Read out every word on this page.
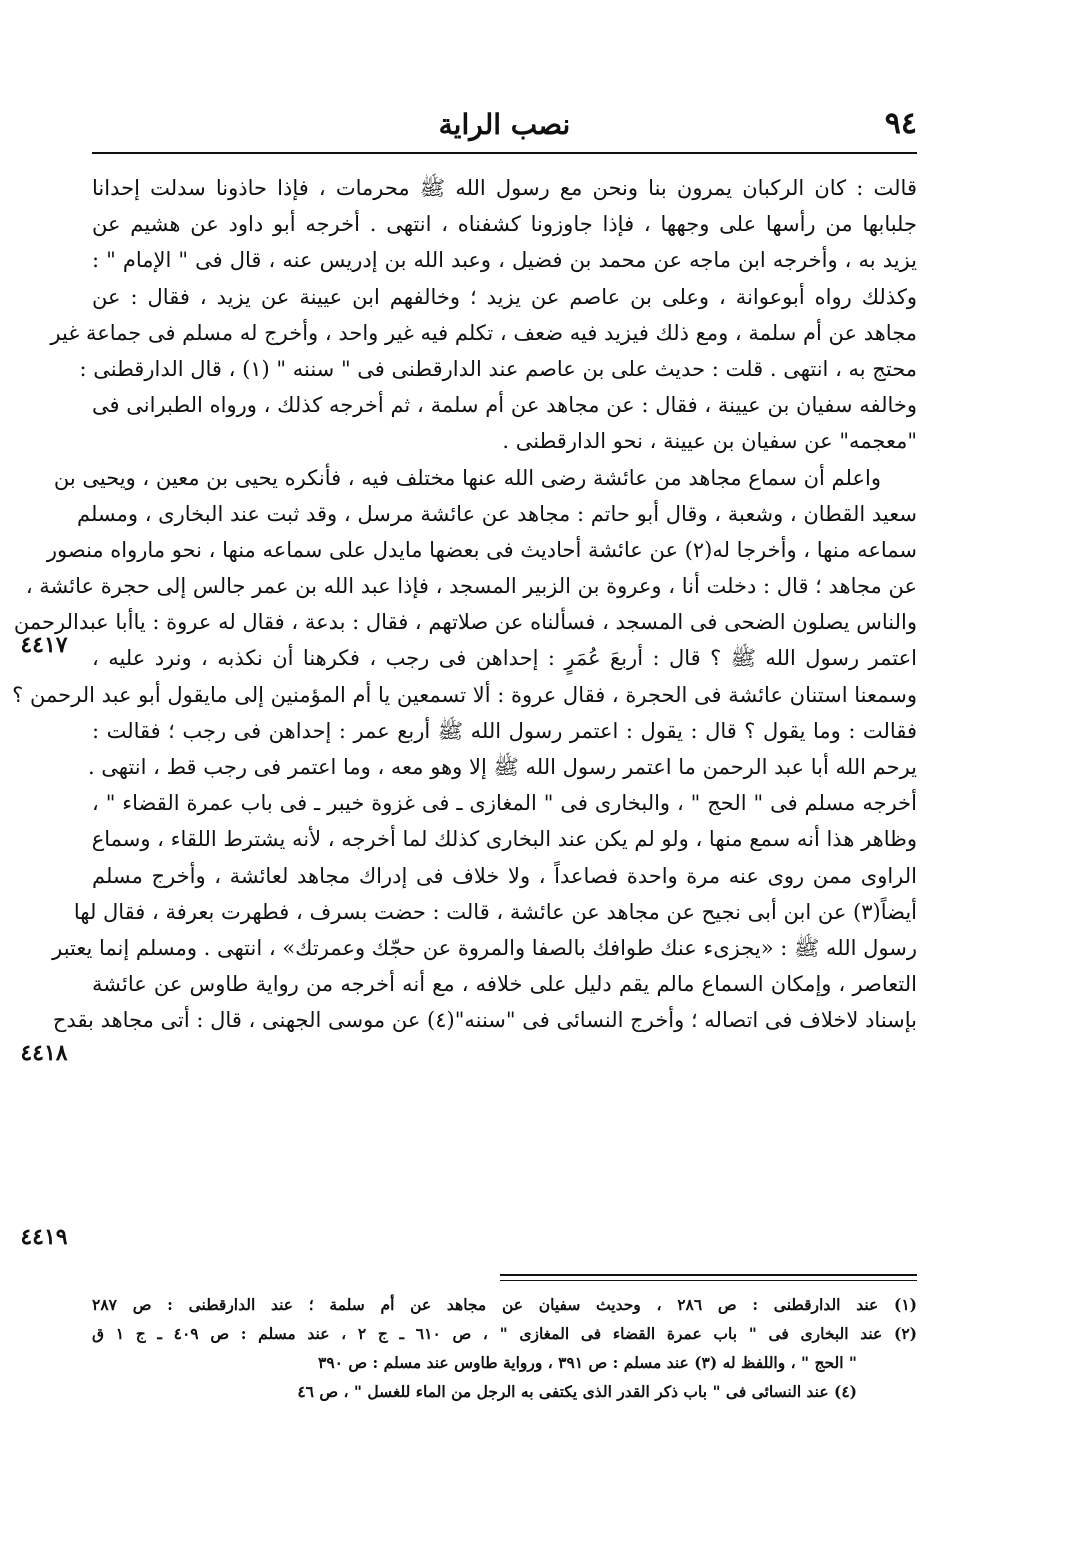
٩٤
نصب الراية
قالت : كان الركبان يمرون بنا ونحن مع رسول الله ﷺ محرمات ، فإذا حاذونا سدلت إحدانا
جلبابها من رأسها على وجهها ، فإذا جاوزونا كشفناه ، انتهى . أخرجه أبو داود عن هشيم عن
يزيد به ، وأخرجه ابن ماجه عن محمد بن فضيل ، وعبد الله بن إدريس عنه ، قال فى " الإمام " :
وكذلك رواه أبوعوانة ، وعلى بن عاصم عن يزيد ؛ وخالفهم ابن عيينة عن يزيد ، فقال : عن
مجاهد عن أم سلمة ، ومع ذلك فيزيد فيه ضعف ، تكلم فيه غير واحد ، وأخرج له مسلم فى جماعة غير
محتج به ، انتهى . قلت : حديث على بن عاصم عند الدارقطنى فى " سننه " (١) ، قال الدارقطنى :
وخالفه سفيان بن عيينة ، فقال : عن مجاهد عن أم سلمة ، ثم أخرجه كذلك ، ورواه الطبرانى فى
"معجمه" عن سفيان بن عيينة ، نحو الدارقطنى .
واعلم أن سماع مجاهد من عائشة رضى الله عنها مختلف فيه ، فأنكره يحيى بن معين ، ويحيى بن
سعيد القطان ، وشعبة ، وقال أبو حاتم : مجاهد عن عائشة مرسل ، وقد ثبت عند البخارى ، ومسلم
سماعه منها ، وأخرجا له(٢) عن عائشة أحاديث فى بعضها مايدل على سماعه منها ، نحو مارواه منصور
عن مجاهد ؛ قال : دخلت أنا ، وعروة بن الزبير المسجد ، فإذا عبد الله بن عمر جالس إلى حجرة عائشة ،
والناس يصلون الضحى فى المسجد ، فسألناه عن صلاتهم ، فقال : بدعة ، فقال له عروة : ياأبا عبدالرحمن
اعتمر رسول الله ﷺ ؟ قال : أربعَ عُمَرٍ : إحداهن فى رجب ، فكرهنا أن نكذبه ، ونرد عليه ،
وسمعنا استنان عائشة فى الحجرة ، فقال عروة : ألا تسمعين يا أم المؤمنين إلى مايقول أبو عبد الرحمن ؟
فقالت : وما يقول ؟ قال : يقول : اعتمر رسول الله ﷺ أربع عمر : إحداهن فى رجب ؛ فقالت :
يرحم الله أبا عبد الرحمن ما اعتمر رسول الله ﷺ إلا وهو معه ، وما اعتمر فى رجب قط ، انتهى .
أخرجه مسلم فى " الحج " ، والبخارى فى " المغازى ـ فى غزوة خيبر ـ فى باب عمرة القضاء " ،
وظاهر هذا أنه سمع منها ، ولو لم يكن عند البخارى كذلك لما أخرجه ، لأنه يشترط اللقاء ، وسماع
الراوى ممن روى عنه مرة واحدة فصاعداً ، ولا خلاف فى إدراك مجاهد لعائشة ، وأخرج مسلم
أيضاً(٣) عن ابن أبى نجيح عن مجاهد عن عائشة ، قالت : حضت بسرف ، فطهرت بعرفة ، فقال لها
رسول الله ﷺ : «يجزىء عنك طوافك بالصفا والمروة عن حجّك وعمرتك» ، انتهى . ومسلم إنما يعتبر
التعاصر ، وإمكان السماع مالم يقم دليل على خلافه ، مع أنه أخرجه من رواية طاوس عن عائشة
بإسناد لاخلاف فى اتصاله ؛ وأخرج النسائى فى "سننه"(٤) عن موسى الجهنى ، قال : أتى مجاهد بقدح
٤٤١٧
٤٤١٨
٤٤١٩
(١) عند الدارقطنى : ص ٢٨٦ ، وحديث سفيان عن مجاهد عن أم سلمة ؛ عند الدارقطنى : ص ٢٨٧
(٢) عند البخارى فى " باب عمرة القضاء فى المغازى " ، ص ٦١٠ ـ ج ٢ ، عند مسلم : ص ٤٠٩ ـ ج ١ ق
" الحج " ، واللفظ له (٣) عند مسلم : ص ٣٩١ ، ورواية طاوس عند مسلم : ص ٣٩٠
(٤) عند النسائى فى " باب ذكر القدر الذى يكتفى به الرجل من الماء للغسل " ، ص ٤٦
